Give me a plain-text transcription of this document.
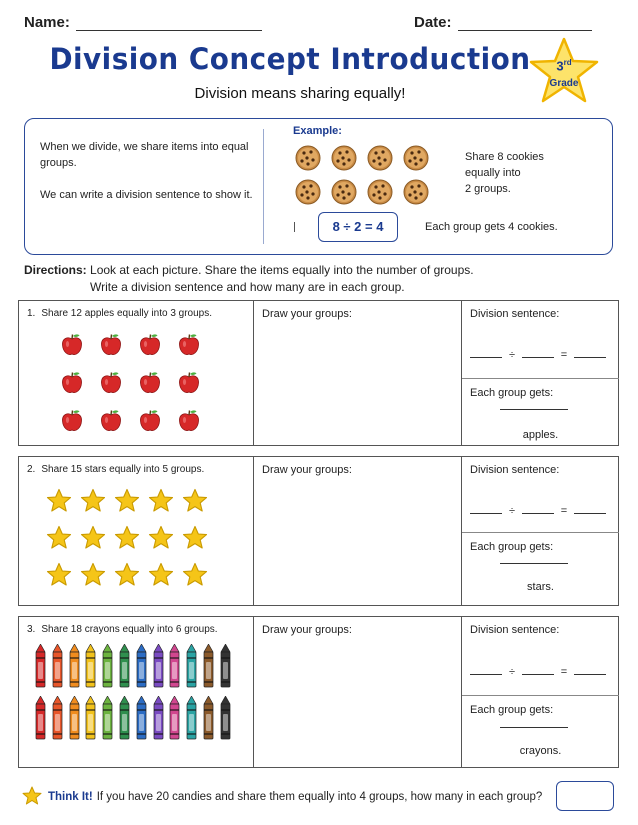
Name:	Date:
Division Concept Introduction
Division means sharing equally!
3rd
Grade

When we divide, we share items into equal groups.

We can write a division sentence to show it.

Example:
Share 8 cookies
equally into
2 groups.
8 ÷ 2 = 4	Each group gets 4 cookies.
Directions: Look at each picture. Share the items equally into the number of groups.
Write a division sentence and how many are in each group.
1. Share 12 apples equally into 3 groups.	Draw your groups:	Division sentence:
÷	=
Each group gets:
apples.
2. Share 15 stars equally into 5 groups.	Draw your groups:	Division sentence:
÷	=
Each group gets:
stars.
3. Share 18 crayons equally into 6 groups.	Draw your groups:	Division sentence:
÷	=
Each group gets:
crayons.
Think It! If you have 20 candies and share them equally into 4 groups, how many in each group?
